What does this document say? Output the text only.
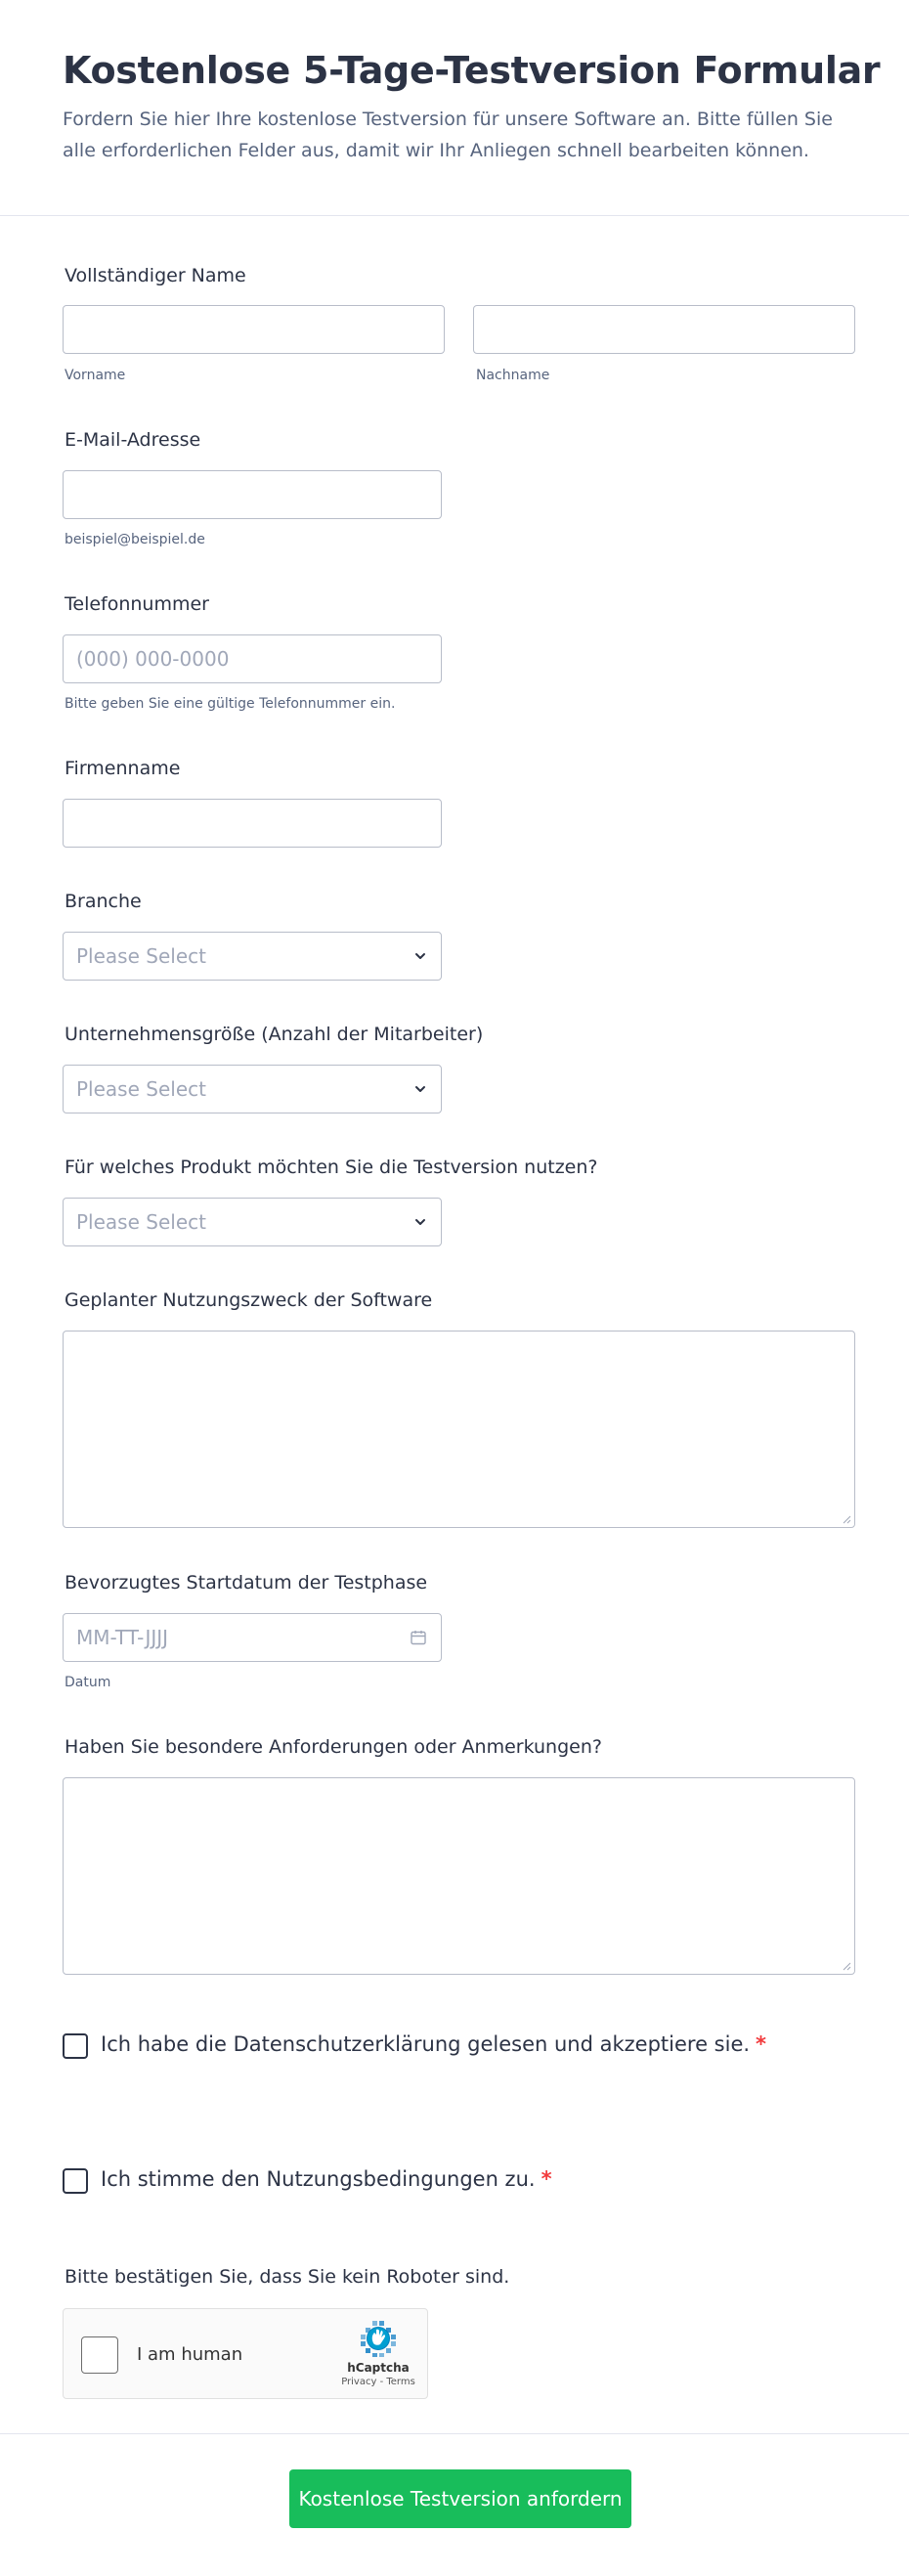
Kostenlose 5-Tage-Testversion Formular

Fordern Sie hier Ihre kostenlose Testversion für unsere Software an. Bitte füllen Sie alle erforderlichen Felder aus, damit wir Ihr Anliegen schnell bearbeiten können.

Vollständiger Name
Vorname	Nachname
E-Mail-Adresse
beispiel@beispiel.de
Telefonnummer
(000) 000-0000
Bitte geben Sie eine gültige Telefonnummer ein.
Firmenname
Branche
Please Select
Unternehmensgröße (Anzahl der Mitarbeiter)
Please Select
Für welches Produkt möchten Sie die Testversion nutzen?
Please Select
Geplanter Nutzungszweck der Software
Bevorzugtes Startdatum der Testphase
MM-TT-JJJJ
Datum
Haben Sie besondere Anforderungen oder Anmerkungen?
Ich habe die Datenschutzerklärung gelesen und akzeptiere sie. *
Ich stimme den Nutzungsbedingungen zu. *
Bitte bestätigen Sie, dass Sie kein Roboter sind.
I am human
hCaptcha
Privacy - Terms
Kostenlose Testversion anfordern
